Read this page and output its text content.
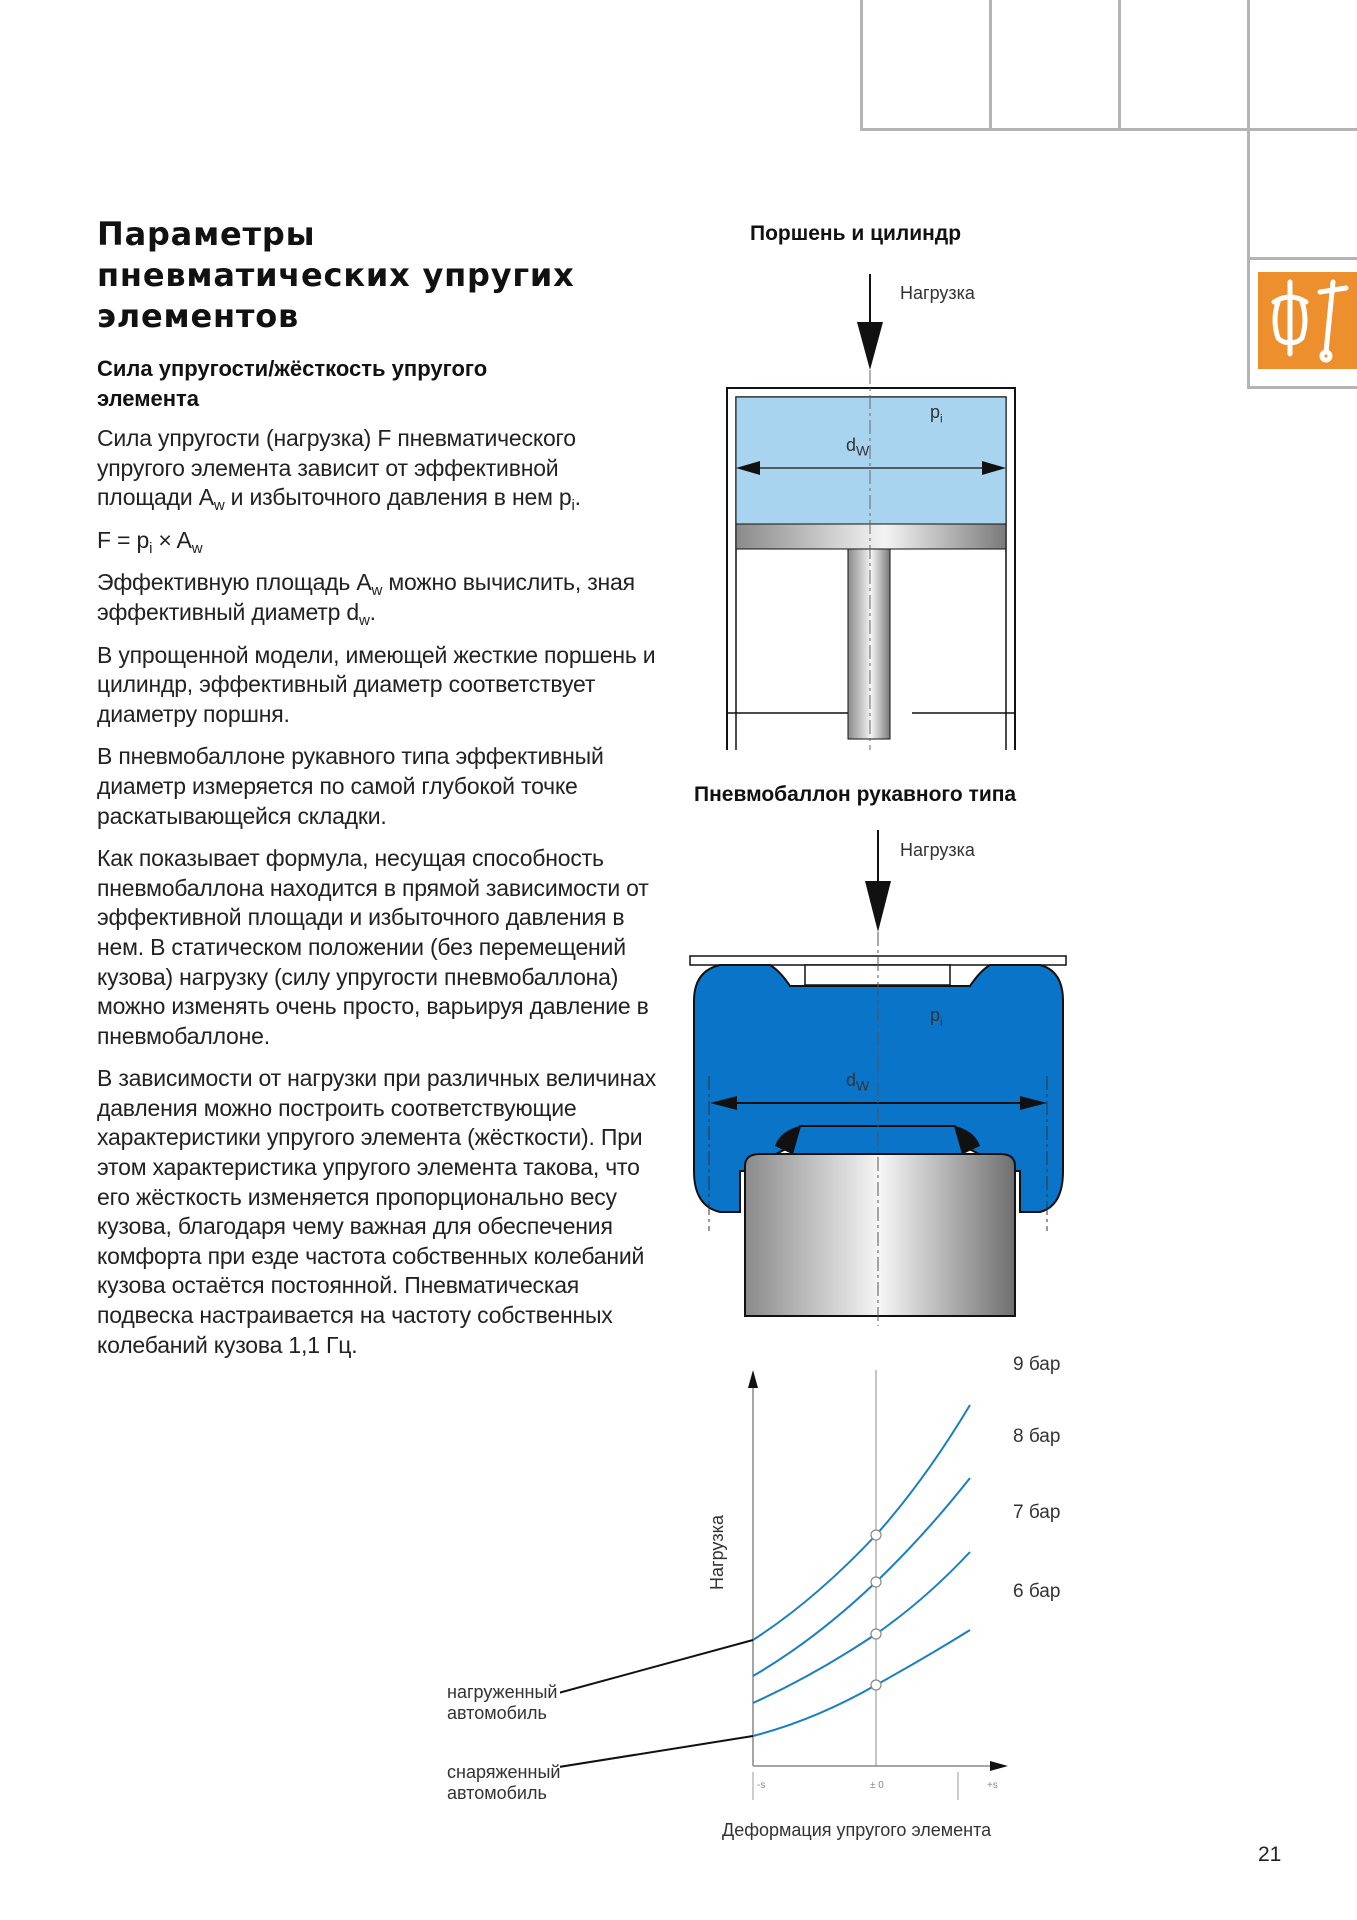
Параметры
пневматических упругих
элементов
Сила упругости/жёсткость упругого
элемента

Сила упругости (нагрузка) F пневматического упругого элемента зависит от эффективной площади $A_w$ и избыточного давления в нем $p_i$.

$F = p_i \times A_w$

Эффективную площадь $A_w$ можно вычислить, зная эффективный диаметр $d_w$.

В упрощенной модели, имеющей жесткие поршень и цилиндр, эффективный диаметр соответствует диаметру поршня.

В пневмобаллоне рукавного типа эффективный диаметр измеряется по самой глубокой точке раскатывающейся складки.

Как показывает формула, несущая способность пневмобаллона находится в прямой зависимости от эффективной площади и избыточного давления в нем. В статическом положении (без перемещений кузова) нагрузку (силу упругости пневмобаллона) можно изменять очень просто, варьируя давление в пневмобаллоне.

В зависимости от нагрузки при различных величинах давления можно построить соответствующие характеристики упругого элемента (жёсткости). При этом характеристика упругого элемента такова, что его жёсткость изменяется пропорционально весу кузова, благодаря чему важная для обеспечения комфорта при езде частота собственных колебаний кузова остаётся постоянной. Пневматическая подвеска настраивается на частоту собственных колебаний кузова 1,1 Гц.

Поршень и цилиндр
Нагрузка
$p_i$
$d_W$
Пневмобаллон рукавного типа
Нагрузка
$p_i$
$d_W$
9 бар
8 бар
7 бар
6 бар
Нагрузка
Деформация упругого элемента
-s	± 0	+s
нагруженный автомобиль
снаряженный автомобиль
21
